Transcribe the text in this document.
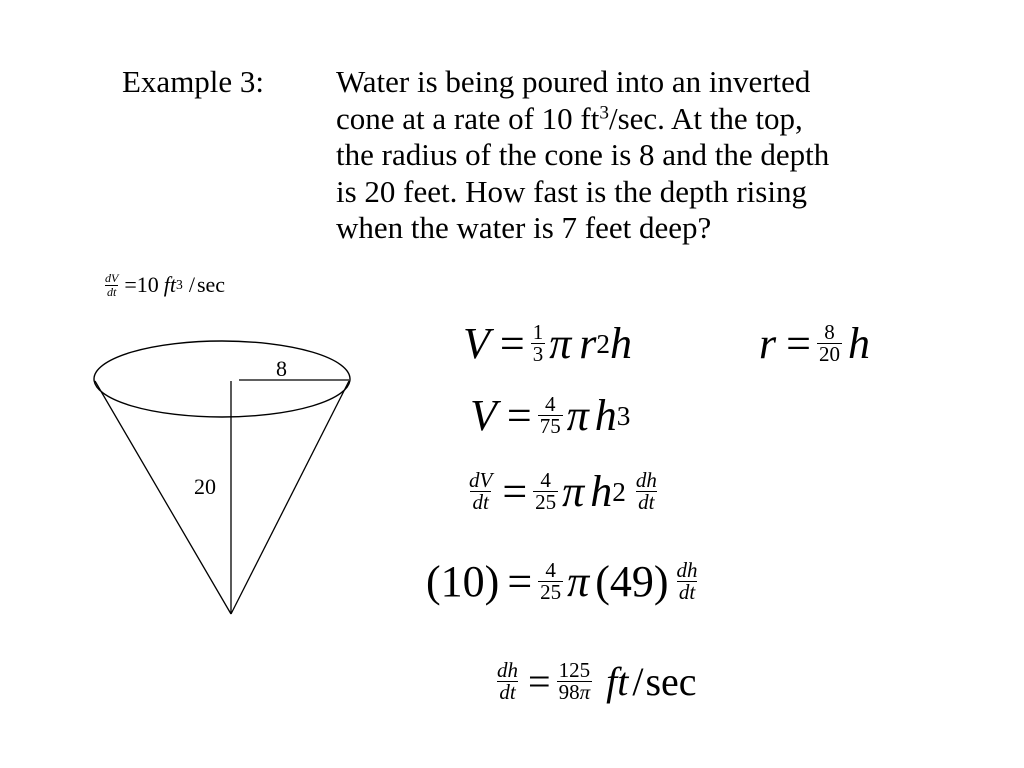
Example 3: Water is being poured into an inverted
cone at a rate of 10 $ft^3/\sec$. At the top,
the radius of the cone is 8 and the depth
is 20 feet. How fast is the depth rising
when the water is 7 feet deep?
$\frac{dV}{dt} = 10$ ft 3 / sec
8
20
$V = \frac{1}{3}$ π r 2 h	$r = \frac{8}{20}$ h
$V = \frac{4}{75}$ π h 3
$\frac{dV}{dt} = \frac{4}{25}$ π h $2 \frac{dh}{dt}$
$(10) = \frac{4}{25}$ π $(49) \frac{dh}{dt}$
$\frac{dh}{dt} = \frac{125}{98\pi}$ ft / sec
